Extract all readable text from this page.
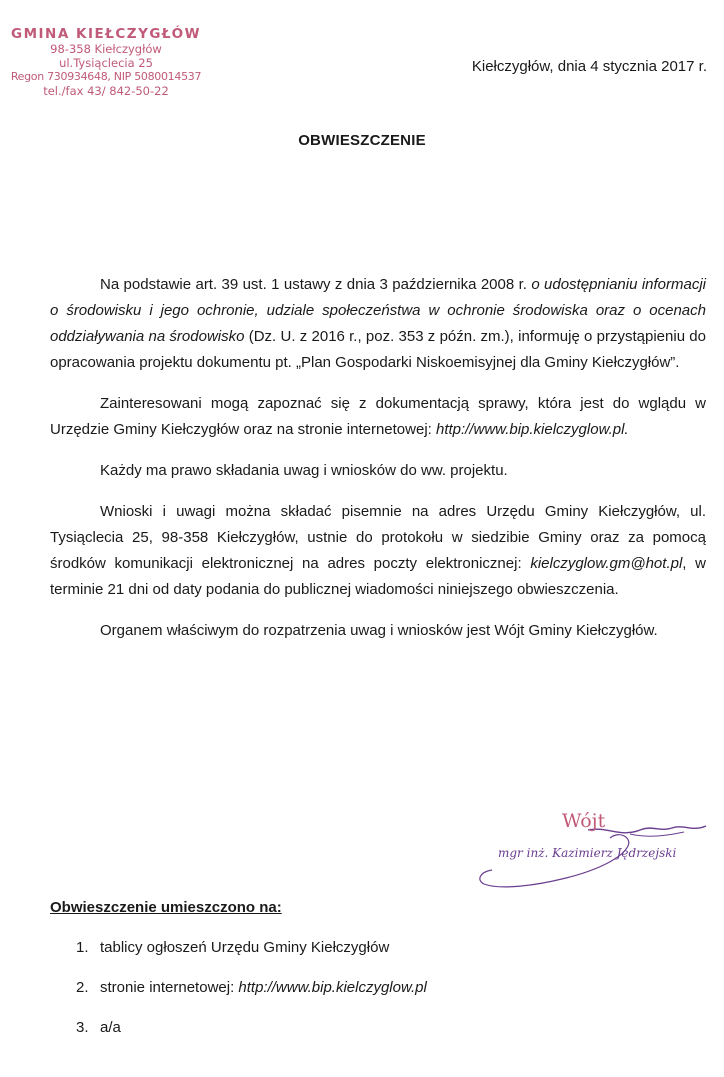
GMINA KIEŁCZYGŁÓW
98-358 Kiełczygłów
ul.Tysiąclecia 25
Regon 730934648, NIP 5080014537
tel./fax 43/ 842-50-22
Kiełczygłów, dnia 4 stycznia 2017 r.
OBWIESZCZENIE

Na podstawie art. 39 ust. 1 ustawy z dnia 3 października 2008 r. o udostępnianiu informacji o środowisku i jego ochronie, udziale społeczeństwa w ochronie środowiska oraz o ocenach oddziaływania na środowisko (Dz. U. z 2016 r., poz. 353 z późn. zm.), informuję o przystąpieniu do opracowania projektu dokumentu pt. „Plan Gospodarki Niskoemisyjnej dla Gminy Kiełczygłów”.

Zainteresowani mogą zapoznać się z dokumentacją sprawy, która jest do wglądu w Urzędzie Gminy Kiełczygłów oraz na stronie internetowej: http://www.bip.kielczyglow.pl.

Każdy ma prawo składania uwag i wniosków do ww. projektu.

Wnioski i uwagi można składać pisemnie na adres Urzędu Gminy Kiełczygłów, ul. Tysiąclecia 25, 98-358 Kiełczygłów, ustnie do protokołu w siedzibie Gminy oraz za pomocą środków komunikacji elektronicznej na adres poczty elektronicznej: kielczyglow.gm@hot.pl, w terminie 21 dni od daty podania do publicznej wiadomości niniejszego obwieszczenia.

Organem właściwym do rozpatrzenia uwag i wniosków jest Wójt Gminy Kiełczygłów.

Wójt
mgr inż. Kazimierz Jędrzejski
Obwieszczenie umieszczono na:
1. tablicy ogłoszeń Urzędu Gminy Kiełczygłów
2. stronie internetowej: http://www.bip.kielczyglow.pl
3. a/a
